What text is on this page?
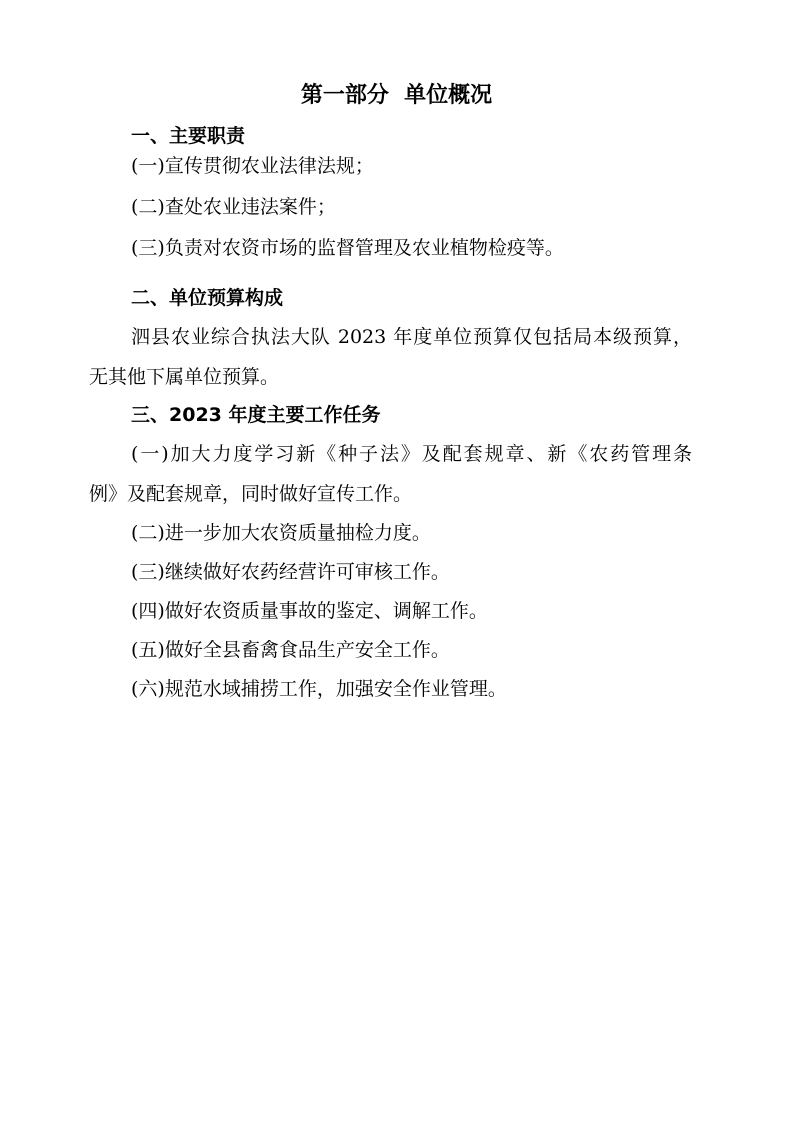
第一部分  单位概况
一、主要职责
(一)宣传贯彻农业法律法规；
(二)查处农业违法案件；
(三)负责对农资市场的监督管理及农业植物检疫等。
二、单位预算构成
泗县农业综合执法大队 2023 年度单位预算仅包括局本级预算，
无其他下属单位预算。
三、2023 年度主要工作任务
(一)加大力度学习新《种子法》及配套规章、新《农药管理条
例》及配套规章，同时做好宣传工作。
(二)进一步加大农资质量抽检力度。
(三)继续做好农药经营许可审核工作。
(四)做好农资质量事故的鉴定、调解工作。
(五)做好全县畜禽食品生产安全工作。
(六)规范水域捕捞工作，加强安全作业管理。
